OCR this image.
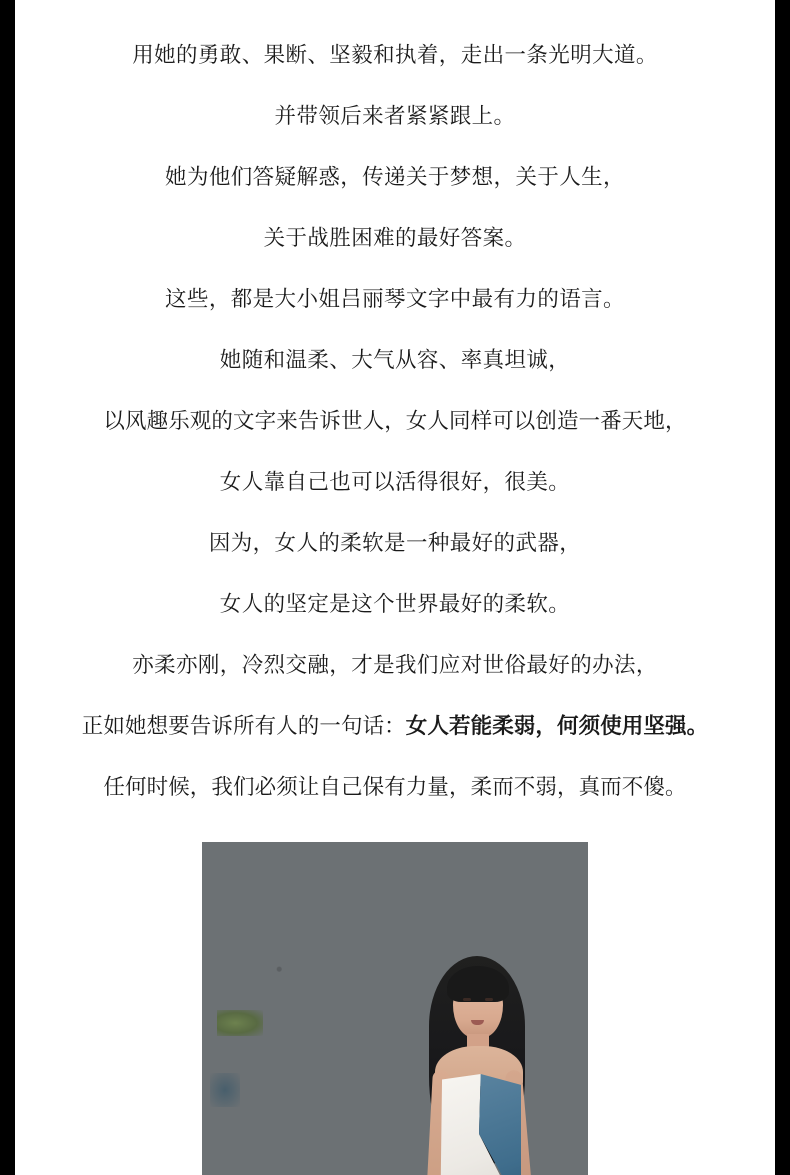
用她的勇敢、果断、坚毅和执着，走出一条光明大道。

并带领后来者紧紧跟上。

她为他们答疑解惑，传递关于梦想，关于人生，

关于战胜困难的最好答案。

这些，都是大小姐吕丽琴文字中最有力的语言。

她随和温柔、大气从容、率真坦诚，

以风趣乐观的文字来告诉世人，女人同样可以创造一番天地，

女人靠自己也可以活得很好，很美。

因为，女人的柔软是一种最好的武器，

女人的坚定是这个世界最好的柔软。

亦柔亦刚，冷烈交融，才是我们应对世俗最好的办法，

正如她想要告诉所有人的一句话：女人若能柔弱，何须使用坚强。

任何时候，我们必须让自己保有力量，柔而不弱，真而不傻。
